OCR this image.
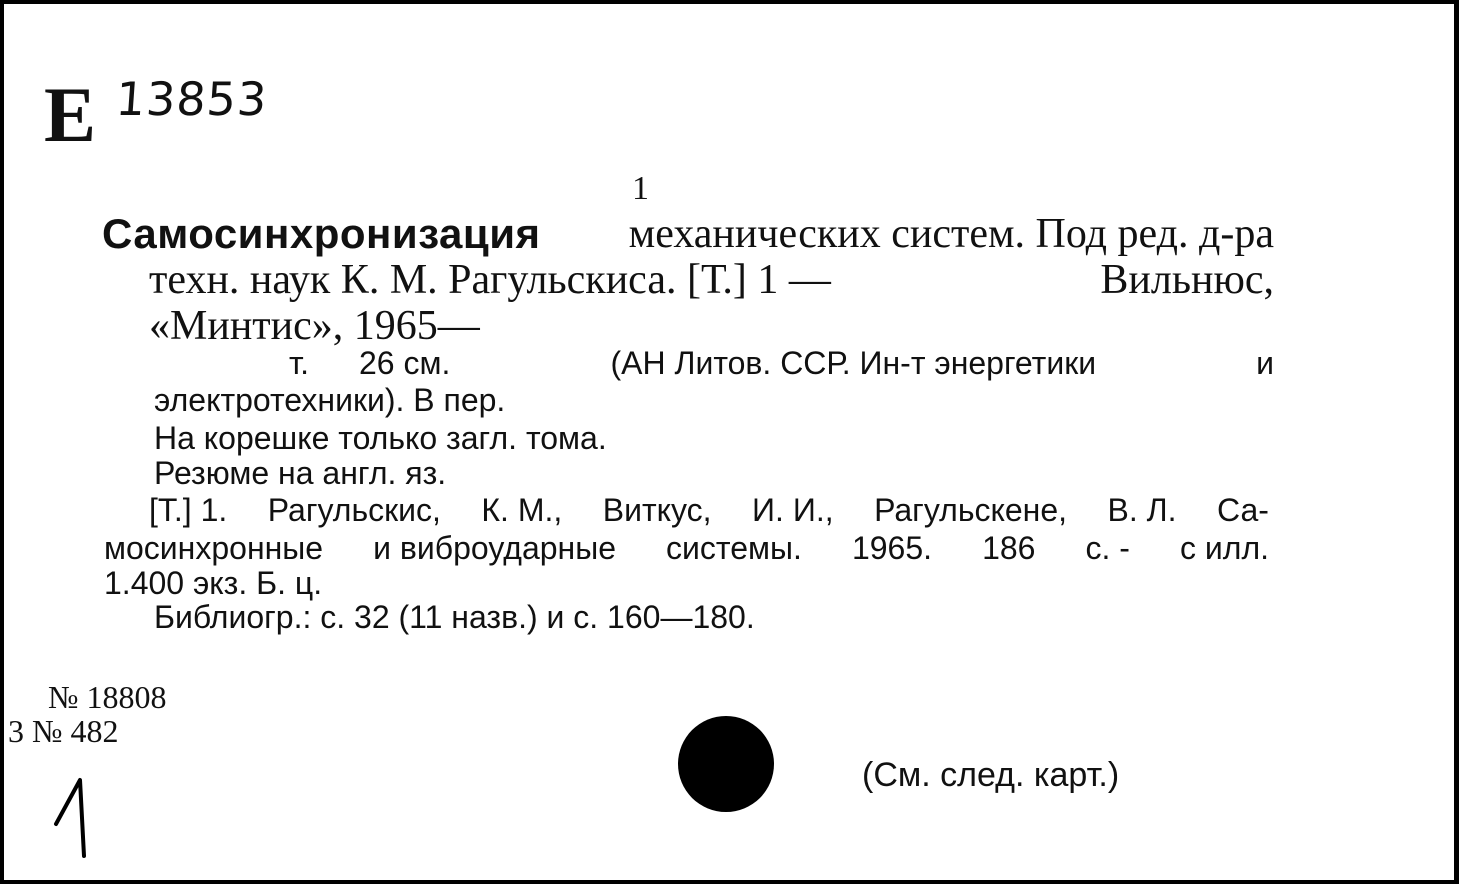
Е 13853
1
Самосинхронизация механических систем. Под ред. д-ра
техн. наук К. М. Рагульскиса. [Т.] 1 —	Вильнюс,
«Минтис», 1965—
т. 26 см.	(АН Литов. ССР. Ин-т энергетики	и
электротехники). В пер.
На корешке только загл. тома.
Резюме на англ. яз.
[Т.] 1. Рагульскис, К. М., Виткус, И. И., Рагульскене, В. Л. Са-
мосинхронные и виброударные системы. 1965. 186 с. - с илл.
1.400 экз. Б. ц.
Библиогр.: с. 32 (11 назв.) и с. 160—180.
№ 18808
3 № 482
(См. след. карт.)
